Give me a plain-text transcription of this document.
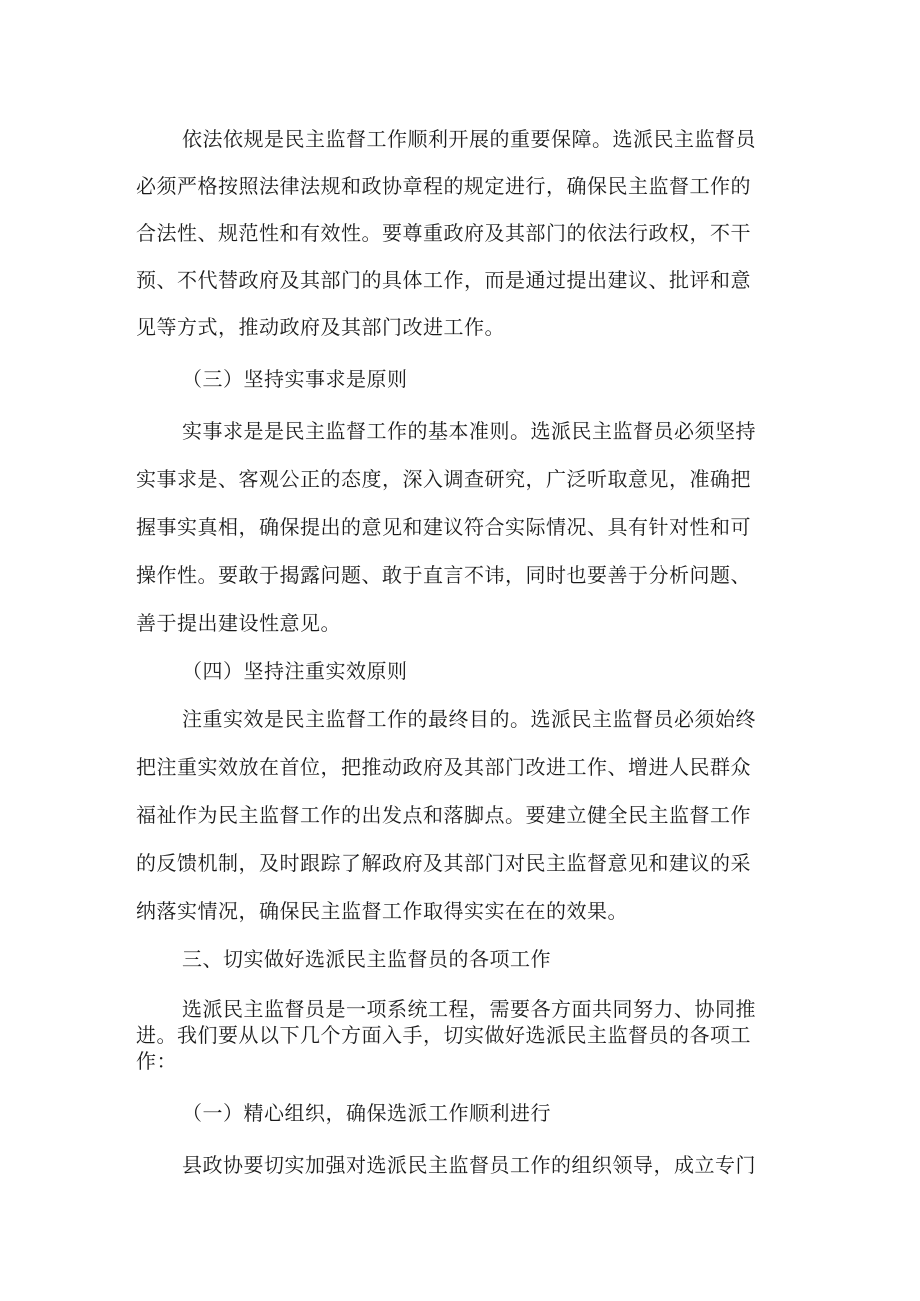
依法依规是民主监督工作顺利开展的重要保障。选派民主监督员
必须严格按照法律法规和政协章程的规定进行，确保民主监督工作的
合法性、规范性和有效性。要尊重政府及其部门的依法行政权，不干
预、不代替政府及其部门的具体工作，而是通过提出建议、批评和意
见等方式，推动政府及其部门改进工作。
（三）坚持实事求是原则
实事求是是民主监督工作的基本准则。选派民主监督员必须坚持
实事求是、客观公正的态度，深入调查研究，广泛听取意见，准确把
握事实真相，确保提出的意见和建议符合实际情况、具有针对性和可
操作性。要敢于揭露问题、敢于直言不讳，同时也要善于分析问题、
善于提出建设性意见。
（四）坚持注重实效原则
注重实效是民主监督工作的最终目的。选派民主监督员必须始终
把注重实效放在首位，把推动政府及其部门改进工作、增进人民群众
福祉作为民主监督工作的出发点和落脚点。要建立健全民主监督工作
的反馈机制，及时跟踪了解政府及其部门对民主监督意见和建议的采
纳落实情况，确保民主监督工作取得实实在在的效果。
三、切实做好选派民主监督员的各项工作
选派民主监督员是一项系统工程，需要各方面共同努力、协同推
进。我们要从以下几个方面入手，切实做好选派民主监督员的各项工
作：
（一）精心组织，确保选派工作顺利进行
县政协要切实加强对选派民主监督员工作的组织领导，成立专门
